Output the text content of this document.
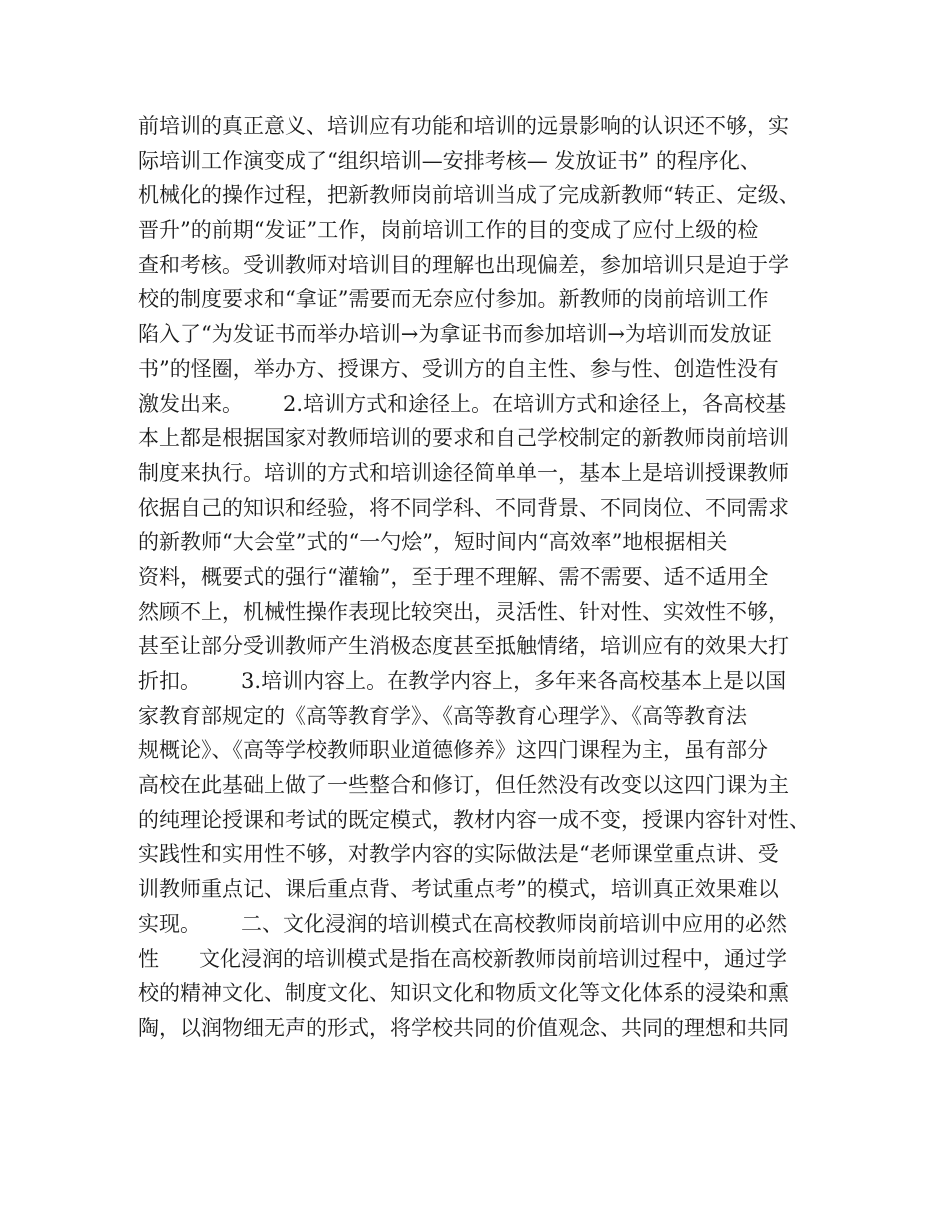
前培训的真正意义、培训应有功能和培训的远景影响的认识还不够，实
际培训工作演变成了“组织培训—安排考核— 发放证书” 的程序化、
机械化的操作过程，把新教师岗前培训当成了完成新教师“转正、定级、
晋升”的前期“发证”工作，岗前培训工作的目的变成了应付上级的检
查和考核。受训教师对培训目的理解也出现偏差，参加培训只是迫于学
校的制度要求和“拿证”需要而无奈应付参加。新教师的岗前培训工作
陷入了“为发证书而举办培训→为拿证书而参加培训→为培训而发放证
书”的怪圈，举办方、授课方、受训方的自主性、参与性、创造性没有
激发出来。      2.培训方式和途径上。在培训方式和途径上，各高校基
本上都是根据国家对教师培训的要求和自己学校制定的新教师岗前培训
制度来执行。培训的方式和培训途径简单单一，基本上是培训授课教师
依据自己的知识和经验，将不同学科、不同背景、不同岗位、不同需求
的新教师“大会堂”式的“一勺烩”，短时间内“高效率”地根据相关
资料，概要式的强行“灌输”，至于理不理解、需不需要、适不适用全
然顾不上，机械性操作表现比较突出，灵活性、针对性、实效性不够，
甚至让部分受训教师产生消极态度甚至抵触情绪，培训应有的效果大打
折扣。      3.培训内容上。在教学内容上，多年来各高校基本上是以国
家教育部规定的《高等教育学》、《高等教育心理学》、《高等教育法
规概论》、《高等学校教师职业道德修养》这四门课程为主，虽有部分
高校在此基础上做了一些整合和修订，但任然没有改变以这四门课为主
的纯理论授课和考试的既定模式，教材内容一成不变，授课内容针对性、
实践性和实用性不够，对教学内容的实际做法是“老师课堂重点讲、受
训教师重点记、课后重点背、考试重点考”的模式，培训真正效果难以
实现。      二、文化浸润的培训模式在高校教师岗前培训中应用的必然
性      文化浸润的培训模式是指在高校新教师岗前培训过程中，通过学
校的精神文化、制度文化、知识文化和物质文化等文化体系的浸染和熏
陶，以润物细无声的形式，将学校共同的价值观念、共同的理想和共同
